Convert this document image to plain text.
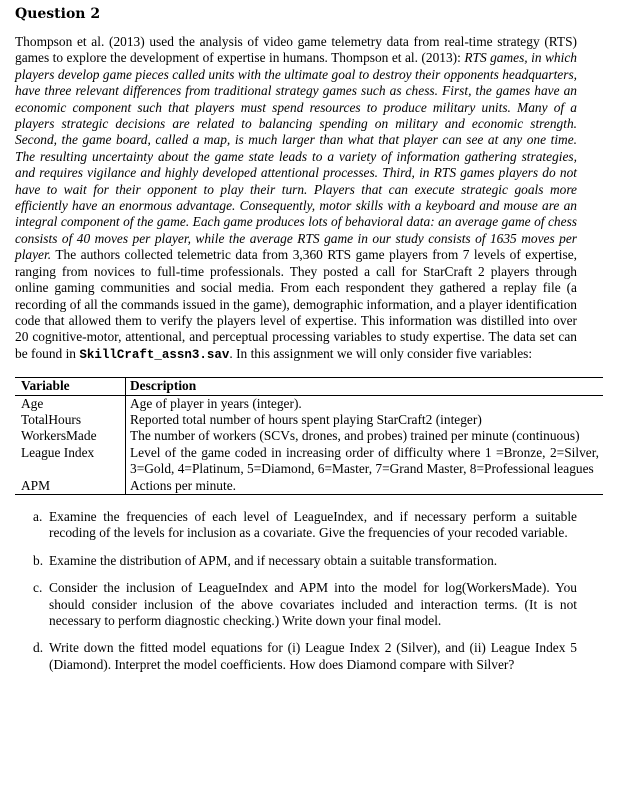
Question 2

Thompson et al. (2013) used the analysis of video game telemetry data from real-time strategy (RTS) games to explore the development of expertise in humans. Thompson et al. (2013): RTS games, in which players develop game pieces called units with the ultimate goal to destroy their opponents headquarters, have three relevant differences from traditional strategy games such as chess. First, the games have an economic component such that players must spend resources to produce military units. Many of a players strategic decisions are related to balancing spending on military and economic strength. Second, the game board, called a map, is much larger than what that player can see at any one time. The resulting uncertainty about the game state leads to a variety of information gathering strategies, and requires vigilance and highly developed attentional processes. Third, in RTS games players do not have to wait for their opponent to play their turn. Players that can execute strategic goals more efficiently have an enormous advantage. Consequently, motor skills with a keyboard and mouse are an integral component of the game. Each game produces lots of behavioral data: an average game of chess consists of 40 moves per player, while the average RTS game in our study consists of 1635 moves per player. The authors collected telemetric data from 3,360 RTS game players from 7 levels of expertise, ranging from novices to full-time professionals. They posted a call for StarCraft 2 players through online gaming communities and social media. From each respondent they gathered a replay file (a recording of all the commands issued in the game), demographic information, and a player identification code that allowed them to verify the players level of expertise. This information was distilled into over 20 cognitive-motor, attentional, and perceptual processing variables to study expertise. The data set can be found in SkillCraft_assn3.sav. In this assignment we will only consider five variables:

Variable	Description
Age	Age of player in years (integer).
TotalHours	Reported total number of hours spent playing StarCraft2 (integer)
WorkersMade	The number of workers (SCVs, drones, and probes) trained per minute (continuous)
League Index	Level of the game coded in increasing order of difficulty where 1 =Bronze, 2=Silver, 3=Gold, 4=Platinum, 5=Diamond, 6=Master, 7=Grand Master, 8=Professional leagues
APM	Actions per minute.
a. Examine the frequencies of each level of LeagueIndex, and if necessary perform a suitable recoding of the levels for inclusion as a covariate. Give the frequencies of your recoded variable.
b. Examine the distribution of APM, and if necessary obtain a suitable transformation.
c. Consider the inclusion of LeagueIndex and APM into the model for log(WorkersMade). You should consider inclusion of the above covariates included and interaction terms. (It is not necessary to perform diagnostic checking.) Write down your final model.
d. Write down the fitted model equations for (i) League Index 2 (Silver), and (ii) League Index 5 (Diamond). Interpret the model coefficients. How does Diamond compare with Silver?
